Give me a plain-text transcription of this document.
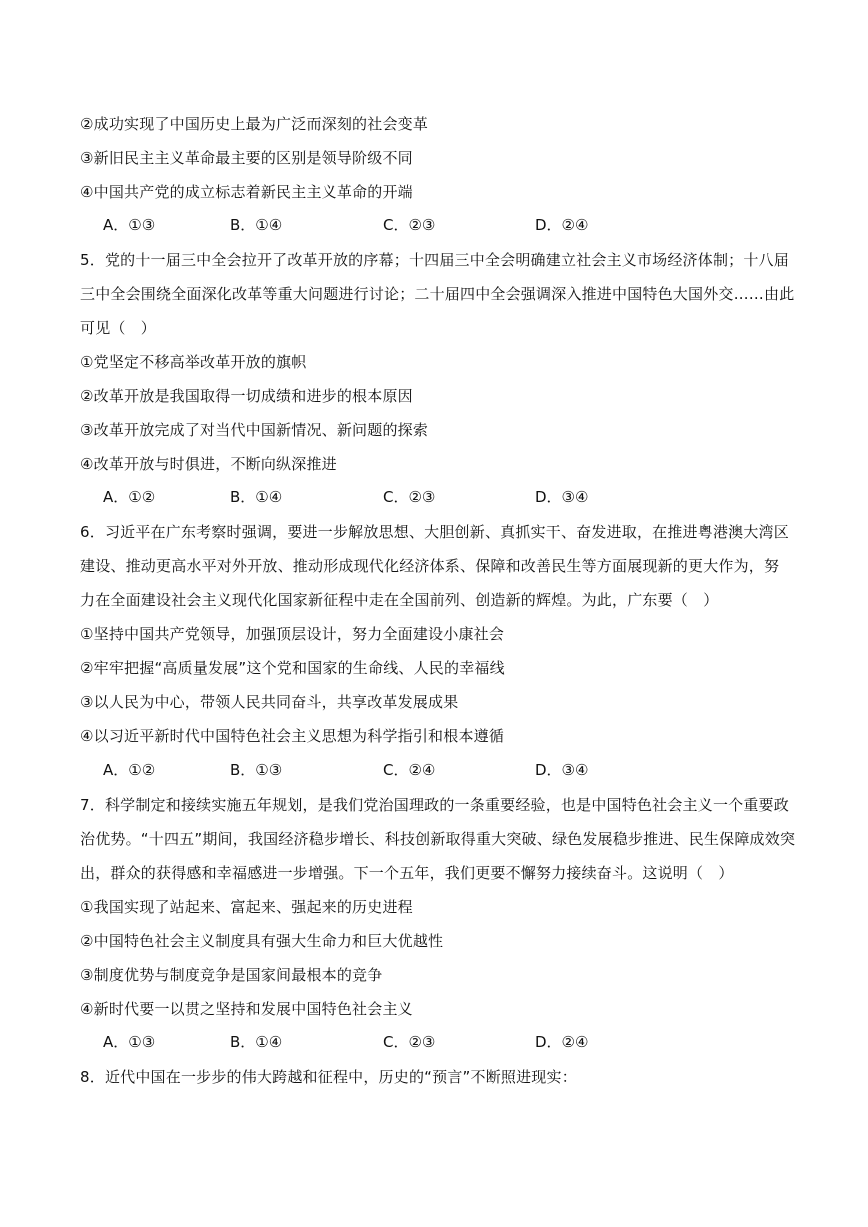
②成功实现了中国历史上最为广泛而深刻的社会变革
③新旧民主主义革命最主要的区别是领导阶级不同
④中国共产党的成立标志着新民主主义革命的开端
A．①③	B．①④	C．②③	D．②④
5．党的十一届三中全会拉开了改革开放的序幕；十四届三中全会明确建立社会主义市场经济体制；十八届
三中全会围绕全面深化改革等重大问题进行讨论；二十届四中全会强调深入推进中国特色大国外交……由此
可见（　）
①党坚定不移高举改革开放的旗帜
②改革开放是我国取得一切成绩和进步的根本原因
③改革开放完成了对当代中国新情况、新问题的探索
④改革开放与时俱进，不断向纵深推进
A．①②	B．①④	C．②③	D．③④
6．习近平在广东考察时强调，要进一步解放思想、大胆创新、真抓实干、奋发进取，在推进粤港澳大湾区
建设、推动更高水平对外开放、推动形成现代化经济体系、保障和改善民生等方面展现新的更大作为，努
力在全面建设社会主义现代化国家新征程中走在全国前列、创造新的辉煌。为此，广东要（　）
①坚持中国共产党领导，加强顶层设计，努力全面建设小康社会
②牢牢把握“高质量发展”这个党和国家的生命线、人民的幸福线
③以人民为中心，带领人民共同奋斗，共享改革发展成果
④以习近平新时代中国特色社会主义思想为科学指引和根本遵循
A．①②	B．①③	C．②④	D．③④
7．科学制定和接续实施五年规划，是我们党治国理政的一条重要经验，也是中国特色社会主义一个重要政
治优势。“十四五”期间，我国经济稳步增长、科技创新取得重大突破、绿色发展稳步推进、民生保障成效突
出，群众的获得感和幸福感进一步增强。下一个五年，我们更要不懈努力接续奋斗。这说明（　）
①我国实现了站起来、富起来、强起来的历史进程
②中国特色社会主义制度具有强大生命力和巨大优越性
③制度优势与制度竞争是国家间最根本的竞争
④新时代要一以贯之坚持和发展中国特色社会主义
A．①③	B．①④	C．②③	D．②④
8．近代中国在一步步的伟大跨越和征程中，历史的“预言”不断照进现实：
